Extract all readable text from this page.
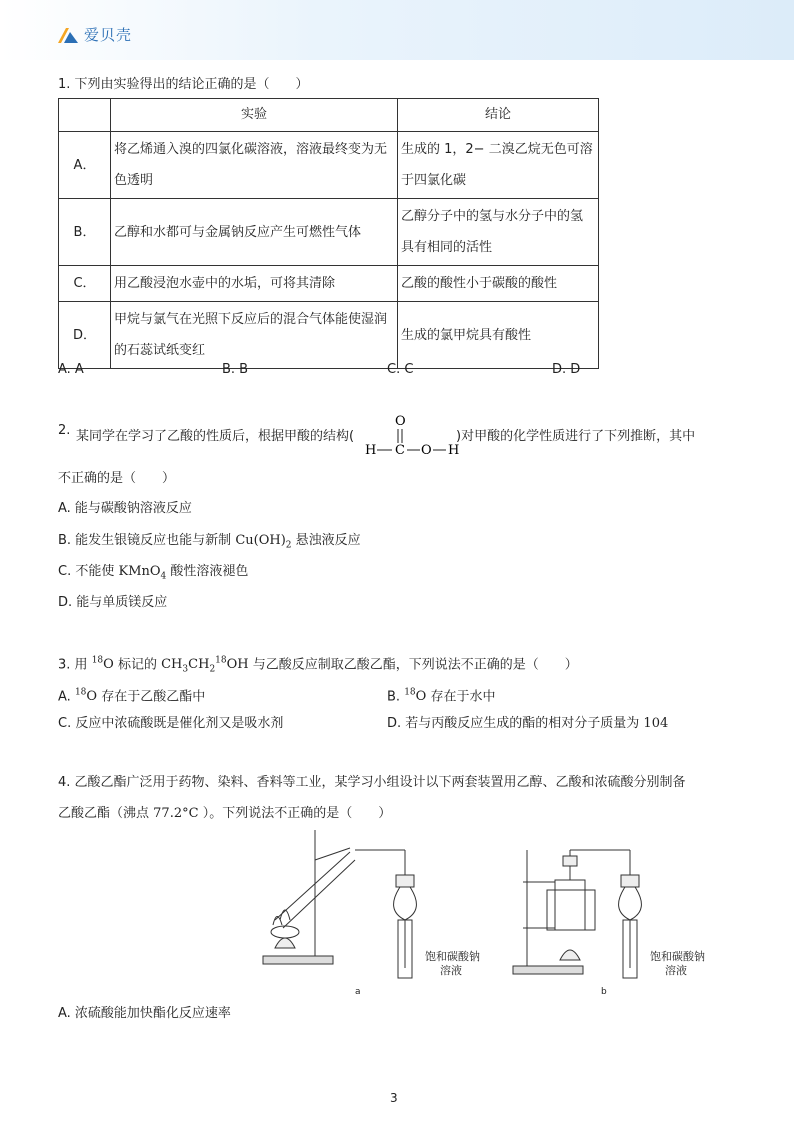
爱贝壳
1. 下列由实验得出的结论正确的是（　　）
	实验	结论
A．	将乙烯通入溴的四氯化碳溶液，溶液最终变为无色透明	生成的 1，2− 二溴乙烷无色可溶于四氯化碳
B．	乙醇和水都可与金属钠反应产生可燃性气体	乙醇分子中的氢与水分子中的氢具有相同的活性
C．	用乙酸浸泡水壶中的水垢，可将其清除	乙酸的酸性小于碳酸的酸性
D．	甲烷与氯气在光照下反应后的混合气体能使湿润的石蕊试纸变红	生成的氯甲烷具有酸性
A. A	B. B	C. C	D. D
2. 某同学在学习了乙酸的性质后，根据甲酸的结构(
O
H C O H
)对甲酸的化学性质进行了下列推断，其中
不正确的是（　　）
A. 能与碳酸钠溶液反应
B. 能发生银镜反应也能与新制 $Cu(OH)_2$ 悬浊液反应
C. 不能使 KMnO$_4$ 酸性溶液褪色
D. 能与单质镁反应
3. 用 $^{18}$O 标记的 $CH_3CH_2^{18}OH$ 与乙酸反应制取乙酸乙酯，下列说法不正确的是（　　）
A. $^{18}$O 存在于乙酸乙酯中	B. $^{18}$O 存在于水中
C. 反应中浓硫酸既是催化剂又是吸水剂	D. 若与丙酸反应生成的酯的相对分子质量为 104
4. 乙酸乙酯广泛用于药物、染料、香料等工业，某学习小组设计以下两套装置用乙醇、乙酸和浓硫酸分别制备
乙酸乙酯（沸点 77.2°C ）。下列说法不正确的是（　　）
饱和碳酸钠
溶液
a
饱和碳酸钠
溶液
b
A. 浓硫酸能加快酯化反应速率
3
